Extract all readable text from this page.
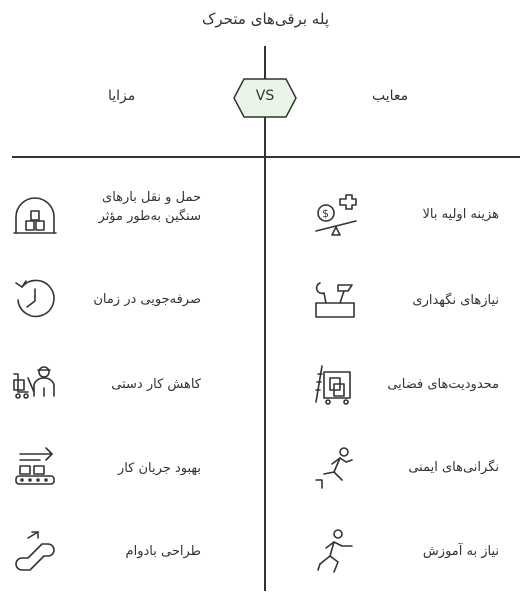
پله برقی‌های متحرک
مزایا	معایب
VS
حمل و نقل بارهای
سنگین به‌طور مؤثر
صرفه‌جویی در زمان
کاهش کار دستی
بهبود جریان کار
طراحی بادوام
$	هزینه اولیه بالا
نیازهای نگهداری
محدودیت‌های فضایی
نگرانی‌های ایمنی
نیاز به آموزش
